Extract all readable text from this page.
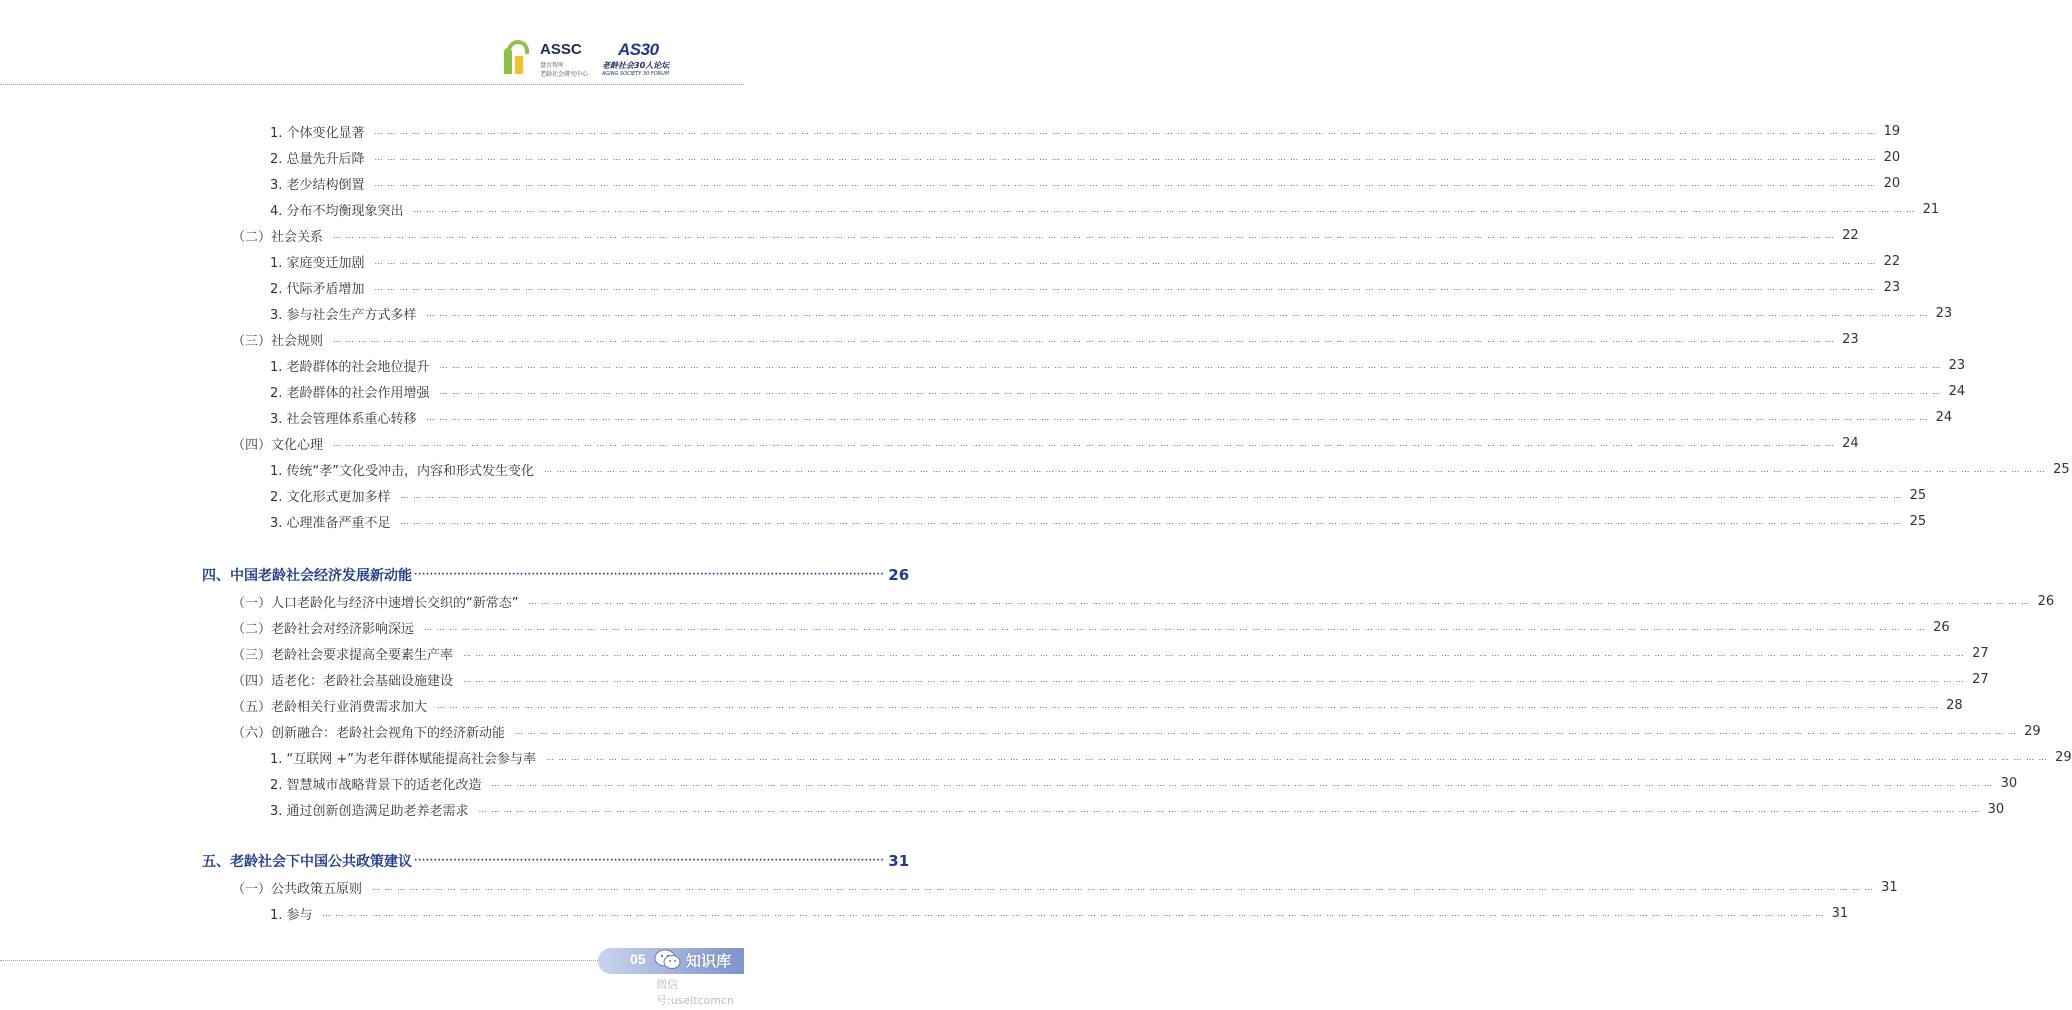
ASSC
盘古智库
老龄社会研究中心
AS30
老龄社会30人论坛
AGING SOCIETY 30 FORUM
1. 个体变化显著 … … … … … … … … … … … … … … … … … … … … … … … … … … … … … … … … … … … … … … … … … … … … … … … … … … … … … … … … … … … … … … … … … … … … … … … … … … … … … … … … … … … … … … … … … … … … … … … … … … … … … … … … … … … … … … … … … … … … … … … … 19
2. 总量先升后降 … … … … … … … … … … … … … … … … … … … … … … … … … … … … … … … … … … … … … … … … … … … … … … … … … … … … … … … … … … … … … … … … … … … … … … … … … … … … … … … … … … … … … … … … … … … … … … … … … … … … … … … … … … … … … … … … … … … … … … … … 20
3. 老少结构倒置 … … … … … … … … … … … … … … … … … … … … … … … … … … … … … … … … … … … … … … … … … … … … … … … … … … … … … … … … … … … … … … … … … … … … … … … … … … … … … … … … … … … … … … … … … … … … … … … … … … … … … … … … … … … … … … … … … … … … … … … … 20
4. 分布不均衡现象突出 … … … … … … … … … … … … … … … … … … … … … … … … … … … … … … … … … … … … … … … … … … … … … … … … … … … … … … … … … … … … … … … … … … … … … … … … … … … … … … … … … … … … … … … … … … … … … … … … … … … … … … … … … … … … … … … … … … … … … … … … 21
（二）社会关系 … … … … … … … … … … … … … … … … … … … … … … … … … … … … … … … … … … … … … … … … … … … … … … … … … … … … … … … … … … … … … … … … … … … … … … … … … … … … … … … … … … … … … … … … … … … … … … … … … … … … … … … … … … … … … … … … … … … … … … … … 22
1. 家庭变迁加剧 … … … … … … … … … … … … … … … … … … … … … … … … … … … … … … … … … … … … … … … … … … … … … … … … … … … … … … … … … … … … … … … … … … … … … … … … … … … … … … … … … … … … … … … … … … … … … … … … … … … … … … … … … … … … … … … … … … … … … … … … 22
2. 代际矛盾增加 … … … … … … … … … … … … … … … … … … … … … … … … … … … … … … … … … … … … … … … … … … … … … … … … … … … … … … … … … … … … … … … … … … … … … … … … … … … … … … … … … … … … … … … … … … … … … … … … … … … … … … … … … … … … … … … … … … … … … … … … 23
3. 参与社会生产方式多样 … … … … … … … … … … … … … … … … … … … … … … … … … … … … … … … … … … … … … … … … … … … … … … … … … … … … … … … … … … … … … … … … … … … … … … … … … … … … … … … … … … … … … … … … … … … … … … … … … … … … … … … … … … … … … … … … … … … … … … … … 23
（三）社会规则 … … … … … … … … … … … … … … … … … … … … … … … … … … … … … … … … … … … … … … … … … … … … … … … … … … … … … … … … … … … … … … … … … … … … … … … … … … … … … … … … … … … … … … … … … … … … … … … … … … … … … … … … … … … … … … … … … … … … … … … … 23
1. 老龄群体的社会地位提升 … … … … … … … … … … … … … … … … … … … … … … … … … … … … … … … … … … … … … … … … … … … … … … … … … … … … … … … … … … … … … … … … … … … … … … … … … … … … … … … … … … … … … … … … … … … … … … … … … … … … … … … … … … … … … … … … … … … … … … … … 23
2. 老龄群体的社会作用增强 … … … … … … … … … … … … … … … … … … … … … … … … … … … … … … … … … … … … … … … … … … … … … … … … … … … … … … … … … … … … … … … … … … … … … … … … … … … … … … … … … … … … … … … … … … … … … … … … … … … … … … … … … … … … … … … … … … … … … … … … 24
3. 社会管理体系重心转移 … … … … … … … … … … … … … … … … … … … … … … … … … … … … … … … … … … … … … … … … … … … … … … … … … … … … … … … … … … … … … … … … … … … … … … … … … … … … … … … … … … … … … … … … … … … … … … … … … … … … … … … … … … … … … … … … … … … … … … … … 24
（四）文化心理 … … … … … … … … … … … … … … … … … … … … … … … … … … … … … … … … … … … … … … … … … … … … … … … … … … … … … … … … … … … … … … … … … … … … … … … … … … … … … … … … … … … … … … … … … … … … … … … … … … … … … … … … … … … … … … … … … … … … … … … … 24
1. 传统“孝”文化受冲击，内容和形式发生变化 … … … … … … … … … … … … … … … … … … … … … … … … … … … … … … … … … … … … … … … … … … … … … … … … … … … … … … … … … … … … … … … … … … … … … … … … … … … … … … … … … … … … … … … … … … … … … … … … … … … … … … … … … … … … … … … … … … … … … … … … 25
2. 文化形式更加多样 … … … … … … … … … … … … … … … … … … … … … … … … … … … … … … … … … … … … … … … … … … … … … … … … … … … … … … … … … … … … … … … … … … … … … … … … … … … … … … … … … … … … … … … … … … … … … … … … … … … … … … … … … … … … … … … … … … … … … … … … 25
3. 心理准备严重不足 … … … … … … … … … … … … … … … … … … … … … … … … … … … … … … … … … … … … … … … … … … … … … … … … … … … … … … … … … … … … … … … … … … … … … … … … … … … … … … … … … … … … … … … … … … … … … … … … … … … … … … … … … … … … … … … … … … … … … … … … 25
四、中国老龄社会经济发展新动能 ························································································································ 26
（一）人口老龄化与经济中速增长交织的“新常态” … … … … … … … … … … … … … … … … … … … … … … … … … … … … … … … … … … … … … … … … … … … … … … … … … … … … … … … … … … … … … … … … … … … … … … … … … … … … … … … … … … … … … … … … … … … … … … … … … … … … … … … … … … … … … … … … … … … … … … … … 26
（二）老龄社会对经济影响深远 … … … … … … … … … … … … … … … … … … … … … … … … … … … … … … … … … … … … … … … … … … … … … … … … … … … … … … … … … … … … … … … … … … … … … … … … … … … … … … … … … … … … … … … … … … … … … … … … … … … … … … … … … … … … … … … … … … … … … … … … 26
（三）老龄社会要求提高全要素生产率 … … … … … … … … … … … … … … … … … … … … … … … … … … … … … … … … … … … … … … … … … … … … … … … … … … … … … … … … … … … … … … … … … … … … … … … … … … … … … … … … … … … … … … … … … … … … … … … … … … … … … … … … … … … … … … … … … … … … … … … … 27
（四）适老化：老龄社会基础设施建设 … … … … … … … … … … … … … … … … … … … … … … … … … … … … … … … … … … … … … … … … … … … … … … … … … … … … … … … … … … … … … … … … … … … … … … … … … … … … … … … … … … … … … … … … … … … … … … … … … … … … … … … … … … … … … … … … … … … … … … … … 27
（五）老龄相关行业消费需求加大 … … … … … … … … … … … … … … … … … … … … … … … … … … … … … … … … … … … … … … … … … … … … … … … … … … … … … … … … … … … … … … … … … … … … … … … … … … … … … … … … … … … … … … … … … … … … … … … … … … … … … … … … … … … … … … … … … … … … … … … … 28
（六）创新融合：老龄社会视角下的经济新动能 … … … … … … … … … … … … … … … … … … … … … … … … … … … … … … … … … … … … … … … … … … … … … … … … … … … … … … … … … … … … … … … … … … … … … … … … … … … … … … … … … … … … … … … … … … … … … … … … … … … … … … … … … … … … … … … … … … … … … … … … 29
1. “互联网 +”为老年群体赋能提高社会参与率 … … … … … … … … … … … … … … … … … … … … … … … … … … … … … … … … … … … … … … … … … … … … … … … … … … … … … … … … … … … … … … … … … … … … … … … … … … … … … … … … … … … … … … … … … … … … … … … … … … … … … … … … … … … … … … … … … … … … … … … … 29
2. 智慧城市战略背景下的适老化改造 … … … … … … … … … … … … … … … … … … … … … … … … … … … … … … … … … … … … … … … … … … … … … … … … … … … … … … … … … … … … … … … … … … … … … … … … … … … … … … … … … … … … … … … … … … … … … … … … … … … … … … … … … … … … … … … … … … … … … … … … 30
3. 通过创新创造满足助老养老需求 … … … … … … … … … … … … … … … … … … … … … … … … … … … … … … … … … … … … … … … … … … … … … … … … … … … … … … … … … … … … … … … … … … … … … … … … … … … … … … … … … … … … … … … … … … … … … … … … … … … … … … … … … … … … … … … … … … … … … … … … 30
五、老龄社会下中国公共政策建议 ························································································································ 31
（一）公共政策五原则 … … … … … … … … … … … … … … … … … … … … … … … … … … … … … … … … … … … … … … … … … … … … … … … … … … … … … … … … … … … … … … … … … … … … … … … … … … … … … … … … … … … … … … … … … … … … … … … … … … … … … … … … … … … … … … … … … … … … … … … … 31
1. 参与 … … … … … … … … … … … … … … … … … … … … … … … … … … … … … … … … … … … … … … … … … … … … … … … … … … … … … … … … … … … … … … … … … … … … … … … … … … … … … … … … … … … … … … … … … … … … … … … … … … … … … … … … … … … … … … … … … … … … … … … … 31
05	知识库
微信号:useitcomcn
